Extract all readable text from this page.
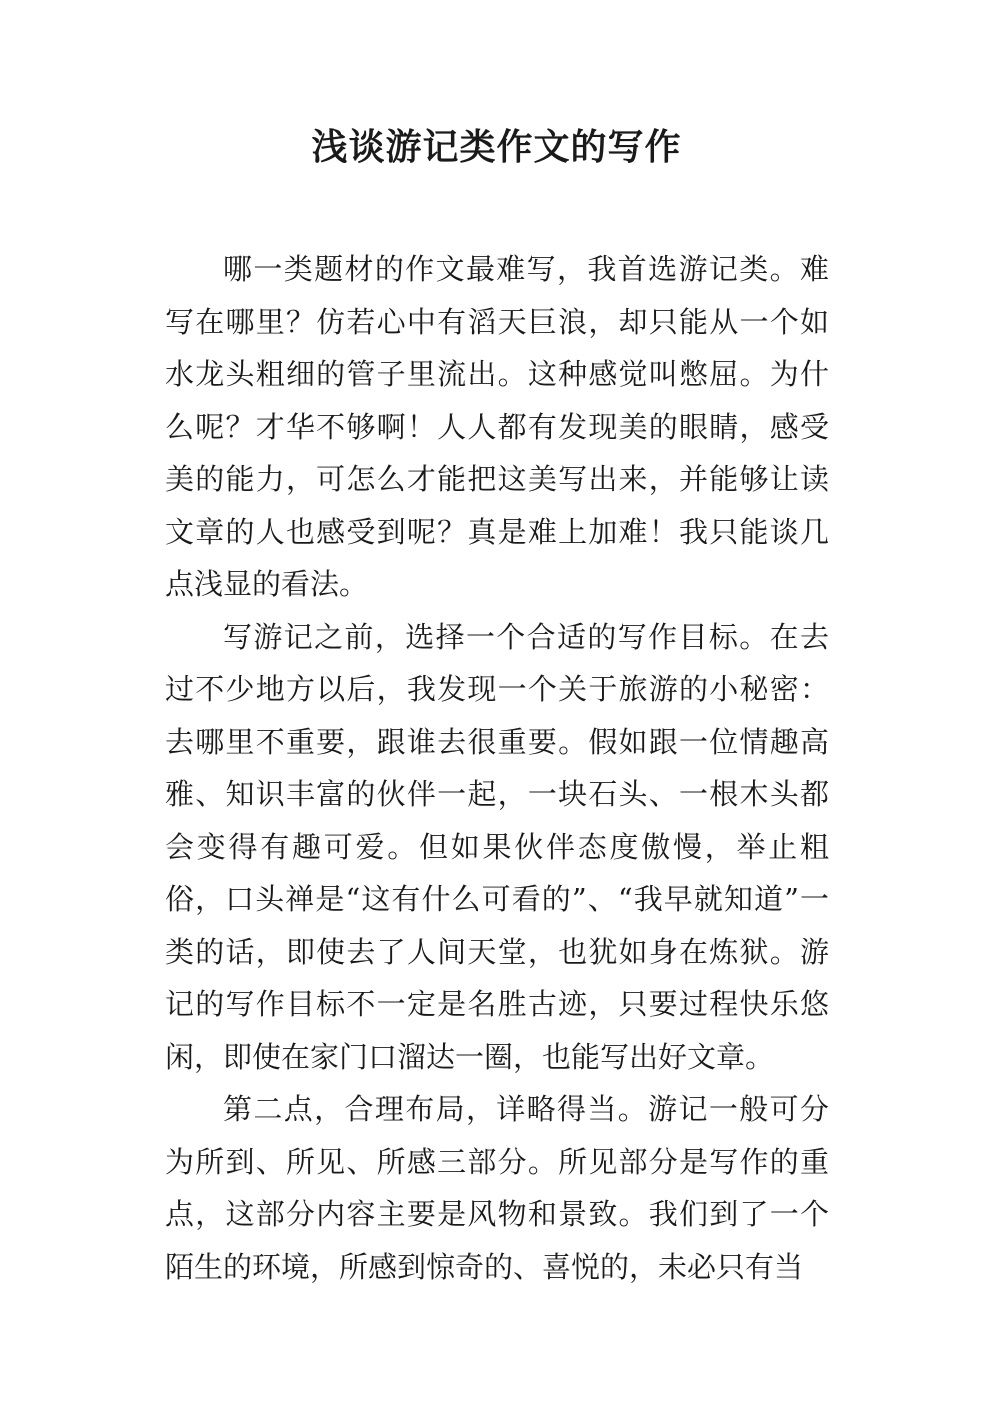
浅谈游记类作文的写作

哪一类题材的作文最难写，我首选游记类。难写在哪里？仿若心中有滔天巨浪，却只能从一个如水龙头粗细的管子里流出。这种感觉叫憋屈。为什么呢？才华不够啊！人人都有发现美的眼睛，感受美的能力，可怎么才能把这美写出来，并能够让读文章的人也感受到呢？真是难上加难！我只能谈几点浅显的看法。

写游记之前，选择一个合适的写作目标。在去过不少地方以后，我发现一个关于旅游的小秘密：去哪里不重要，跟谁去很重要。假如跟一位情趣高雅、知识丰富的伙伴一起，一块石头、一根木头都会变得有趣可爱。但如果伙伴态度傲慢，举止粗俗，口头禅是“这有什么可看的”、“我早就知道”一类的话，即使去了人间天堂，也犹如身在炼狱。游记的写作目标不一定是名胜古迹，只要过程快乐悠闲，即使在家门口溜达一圈，也能写出好文章。

第二点，合理布局，详略得当。游记一般可分为所到、所见、所感三部分。所见部分是写作的重点，这部分内容主要是风物和景致。我们到了一个陌生的环境，所感到惊奇的、喜悦的，未必只有当
